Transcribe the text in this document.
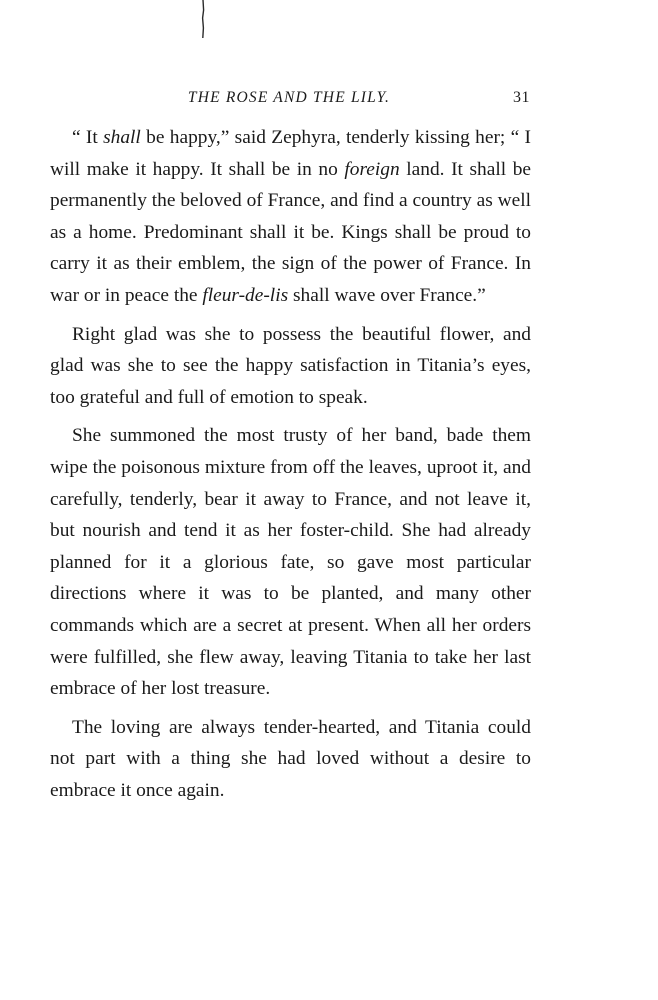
THE ROSE AND THE LILY.	31

“ It shall be happy,” said Zephyra, tenderly kissing her; “ I will make it happy. It shall be in no foreign land. It shall be permanently the beloved of France, and find a country as well as a home. Predominant shall it be. Kings shall be proud to carry it as their emblem, the sign of the power of France. In war or in peace the fleur-de-lis shall wave over France.”

Right glad was she to possess the beautiful flower, and glad was she to see the happy satisfaction in Titania’s eyes, too grateful and full of emotion to speak.

She summoned the most trusty of her band, bade them wipe the poisonous mixture from off the leaves, uproot it, and carefully, tenderly, bear it away to France, and not leave it, but nourish and tend it as her foster-child. She had already planned for it a glorious fate, so gave most particular directions where it was to be planted, and many other commands which are a secret at present. When all her orders were fulfilled, she flew away, leaving Titania to take her last embrace of her lost treasure.

The loving are always tender-hearted, and Titania could not part with a thing she had loved without a desire to embrace it once again.
